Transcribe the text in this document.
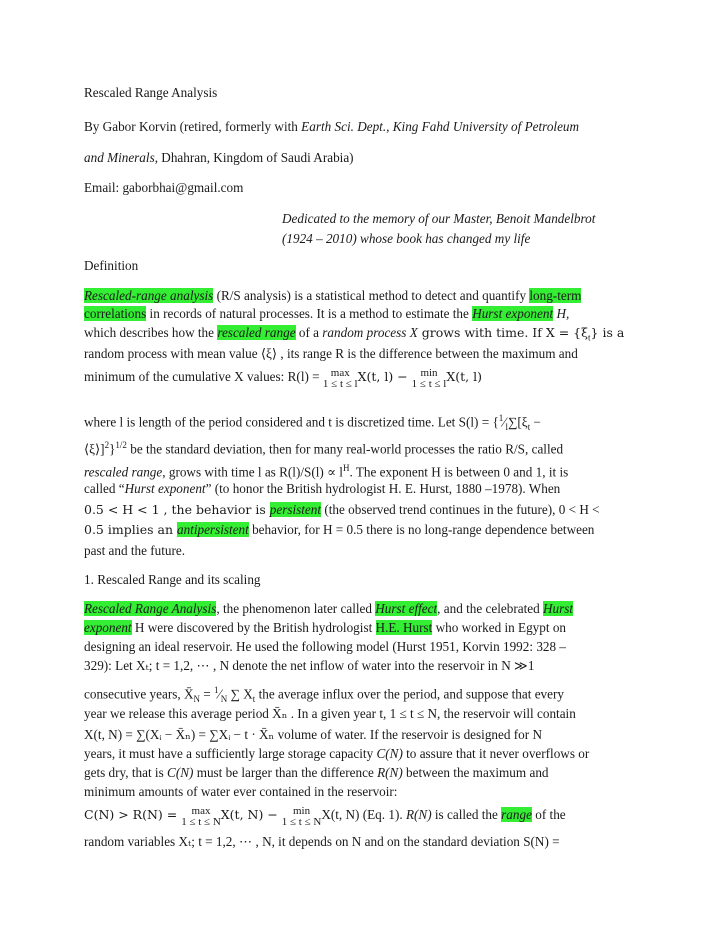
Rescaled Range Analysis
By Gabor Korvin (retired, formerly with Earth Sci. Dept., King Fahd University of Petroleum
and Minerals, Dhahran, Kingdom of Saudi Arabia)
Email: gaborbhai@gmail.com
Dedicated to the memory of our Master, Benoit Mandelbrot
(1924 – 2010) whose book has changed my life
Definition
Rescaled-range analysis (R/S analysis) is a statistical method to detect and quantify long-term
correlations in records of natural processes. It is a method to estimate the Hurst exponent H,
which describes how the rescaled range of a random process X grows with time. If $X = \{\xi_t\}$ is a
random process with mean value ⟨ξ⟩ , its range R is the difference between the maximum and
minimum of the cumulative X values: R(l) = max
1 ≤ t ≤ l X(t, l) − min
1 ≤ t ≤ l X(t, l)
where l is length of the period considered and t is discretized time. Let $S(l) = \{^1⁄_l\sum[\xi_t$ −
⟨ξ⟩]$^2$}$^{1/2}$ be the standard deviation, then for many real-world processes the ratio R/S, called
rescaled range, grows with time l as $R(l)/S(l) \propto l^H$. The exponent H is between 0 and 1, it is
called “Hurst exponent” (to honor the British hydrologist H. E. Hurst, 1880 –1978). When
0.5 < H < 1 , the behavior is persistent (the observed trend continues in the future), 0 < H <
0.5 implies an antipersistent behavior, for H = 0.5 there is no long-range dependence between
past and the future.
1. Rescaled Range and its scaling
Rescaled Range Analysis, the phenomenon later called Hurst effect, and the celebrated Hurst
exponent H were discovered by the British hydrologist H.E. Hurst who worked in Egypt on
designing an ideal reservoir. He used the following model (Hurst 1951, Korvin 1992: 328 –
329): Let Xₜ; t = 1,2, ⋯ , N denote the net inflow of water into the reservoir in N ≫1
consecutive years, $X̄_N$ = $^1⁄_N$ ∑ $X_t$ the average influx over the period, and suppose that every
year we release this average period X̄ₙ . In a given year t, 1 ≤ t ≤ N, the reservoir will contain
X(t, N) = ∑(Xᵢ − X̄ₙ) = ∑Xᵢ − t · X̄ₙ volume of water. If the reservoir is designed for N
years, it must have a sufficiently large storage capacity C(N) to assure that it never overflows or
gets dry, that is C(N) must be larger than the difference R(N) between the maximum and
minimum amounts of water ever contained in the reservoir:
C(N) > R(N) = max
1 ≤ t ≤ N X(t, N) −	min
1 ≤ t ≤ N X(t, N) (Eq. 1). R(N) is called the range of the
random variables Xₜ; t = 1,2, ⋯ , N, it depends on N and on the standard deviation S(N) =
